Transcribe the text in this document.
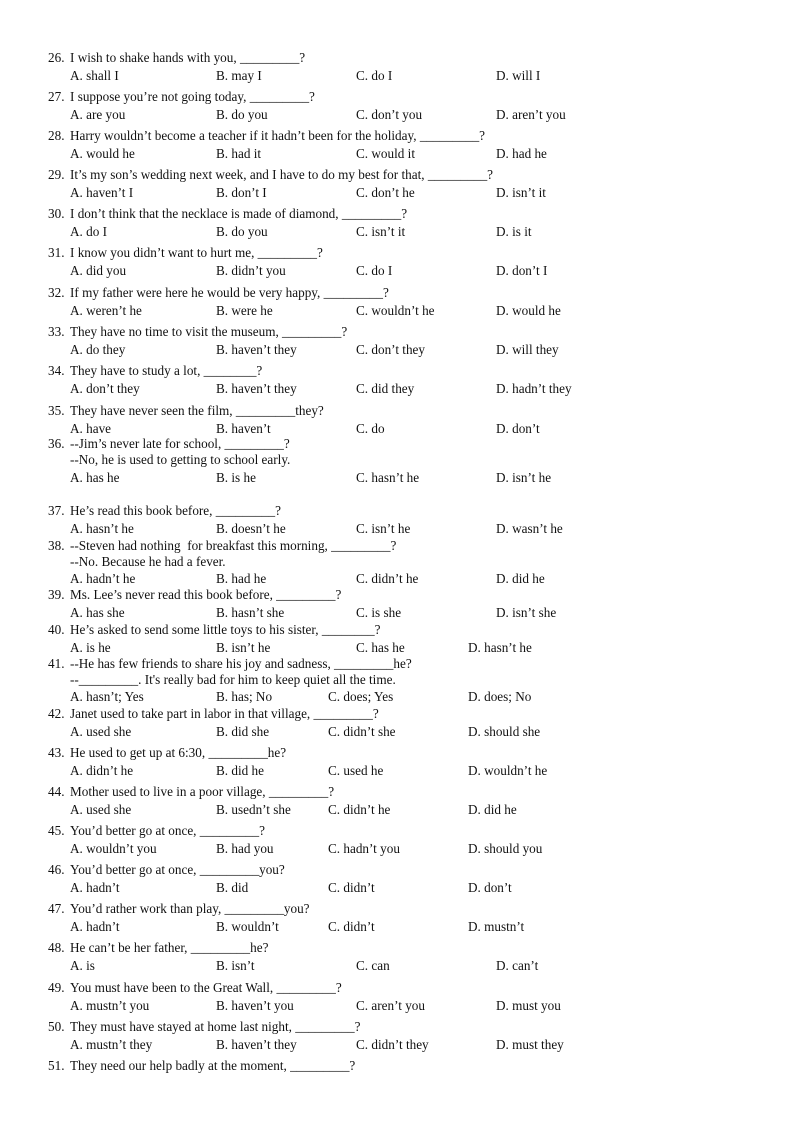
26. I wish to shake hands with you, _________?
A. shall I	B. may I	C. do I	D. will I
27. I suppose you’re not going today, _________?
A. are you	B. do you	C. don’t you	D. aren’t you
28. Harry wouldn’t become a teacher if it hadn’t been for the holiday, _________?
A. would he	B. had it	C. would it	D. had he
29. It’s my son’s wedding next week, and I have to do my best for that, _________?
A. haven’t I	B. don’t I	C. don’t he	D. isn’t it
30. I don’t think that the necklace is made of diamond, _________?
A. do I	B. do you	C. isn’t it	D. is it
31. I know you didn’t want to hurt me, _________?
A. did you	B. didn’t you	C. do I	D. don’t I
32. If my father were here he would be very happy, _________?
A. weren’t he	B. were he	C. wouldn’t he	D. would he
33. They have no time to visit the museum, _________?
A. do they	B. haven’t they	C. don’t they	D. will they
34. They have to study a lot, ________?
A. don’t they	B. haven’t they	C. did they	D. hadn’t they
35. They have never seen the film, _________they?
A. have	B. haven’t	C. do	D. don’t
36. --Jim’s never late for school, _________?
--No, he is used to getting to school early.
A. has he	B. is he	C. hasn’t he	D. isn’t he
37. He’s read this book before, _________?
A. hasn’t he	B. doesn’t he	C. isn’t he	D. wasn’t he
38. --Steven had nothing  for breakfast this morning, _________?
--No. Because he had a fever.
A. hadn’t he	B. had he	C. didn’t he	D. did he
39. Ms. Lee’s never read this book before, _________?
A. has she	B. hasn’t she	C. is she	D. isn’t she
40. He’s asked to send some little toys to his sister, ________?
A. is he	B. isn’t he	C. has he	D. hasn’t he
41. --He has few friends to share his joy and sadness, _________he?
--_________. It's really bad for him to keep quiet all the time.
A. hasn’t; Yes	B. has; No	C. does; Yes	D. does; No
42. Janet used to take part in labor in that village, _________?
A. used she	B. did she	C. didn’t she	D. should she
43. He used to get up at 6:30, _________he?
A. didn’t he	B. did he	C. used he	D. wouldn’t he
44. Mother used to live in a poor village, _________?
A. used she	B. usedn’t she	C. didn’t he	D. did he
45. You’d better go at once, _________?
A. wouldn’t you	B. had you	C. hadn’t you	D. should you
46. You’d better go at once, _________you?
A. hadn’t	B. did	C. didn’t	D. don’t
47. You’d rather work than play, _________you?
A. hadn’t	B. wouldn’t	C. didn’t	D. mustn’t
48. He can’t be her father, _________he?
A. is	B. isn’t	C. can	D. can’t
49. You must have been to the Great Wall, _________?
A. mustn’t you	B. haven’t you	C. aren’t you	D. must you
50. They must have stayed at home last night, _________?
A. mustn’t they	B. haven’t they	C. didn’t they	D. must they
51. They need our help badly at the moment, _________?
